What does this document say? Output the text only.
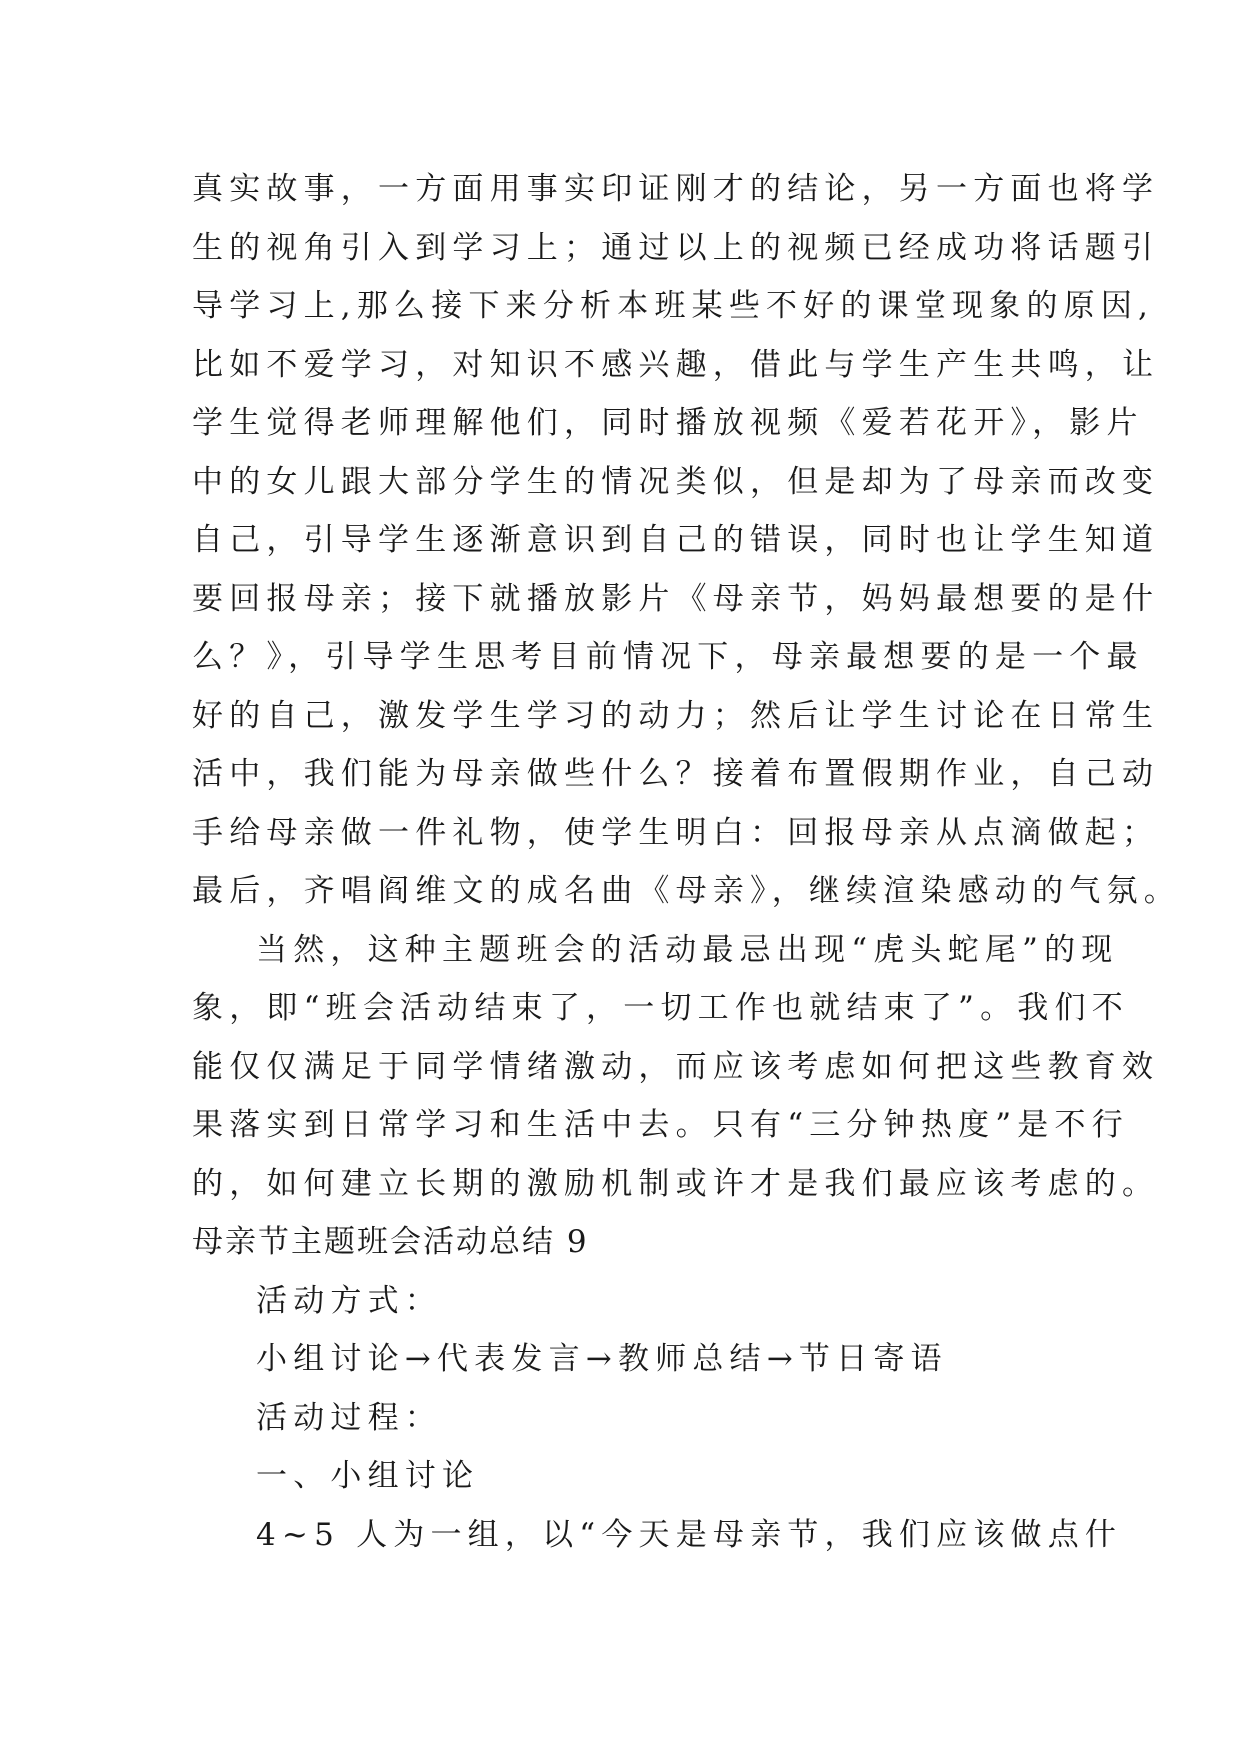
真实故事，一方面用事实印证刚才的结论，另一方面也将学
生的视角引入到学习上；通过以上的视频已经成功将话题引
导学习上,那么接下来分析本班某些不好的课堂现象的原因,
比如不爱学习，对知识不感兴趣，借此与学生产生共鸣，让
学生觉得老师理解他们，同时播放视频《爱若花开》，影片
中的女儿跟大部分学生的情况类似，但是却为了母亲而改变
自己，引导学生逐渐意识到自己的错误，同时也让学生知道
要回报母亲；接下就播放影片《母亲节，妈妈最想要的是什
么？》，引导学生思考目前情况下，母亲最想要的是一个最
好的自己，激发学生学习的动力；然后让学生讨论在日常生
活中，我们能为母亲做些什么？接着布置假期作业，自己动
手给母亲做一件礼物，使学生明白：回报母亲从点滴做起；
最后，齐唱阎维文的成名曲《母亲》，继续渲染感动的气氛。
当然，这种主题班会的活动最忌出现“虎头蛇尾”的现
象，即“班会活动结束了，一切工作也就结束了”。我们不
能仅仅满足于同学情绪激动，而应该考虑如何把这些教育效
果落实到日常学习和生活中去。只有“三分钟热度”是不行
的，如何建立长期的激励机制或许才是我们最应该考虑的。
母亲节主题班会活动总结 9
活动方式：
小组讨论→代表发言→教师总结→节日寄语
活动过程：
一、小组讨论
4~5 人为一组，以“今天是母亲节，我们应该做点什
